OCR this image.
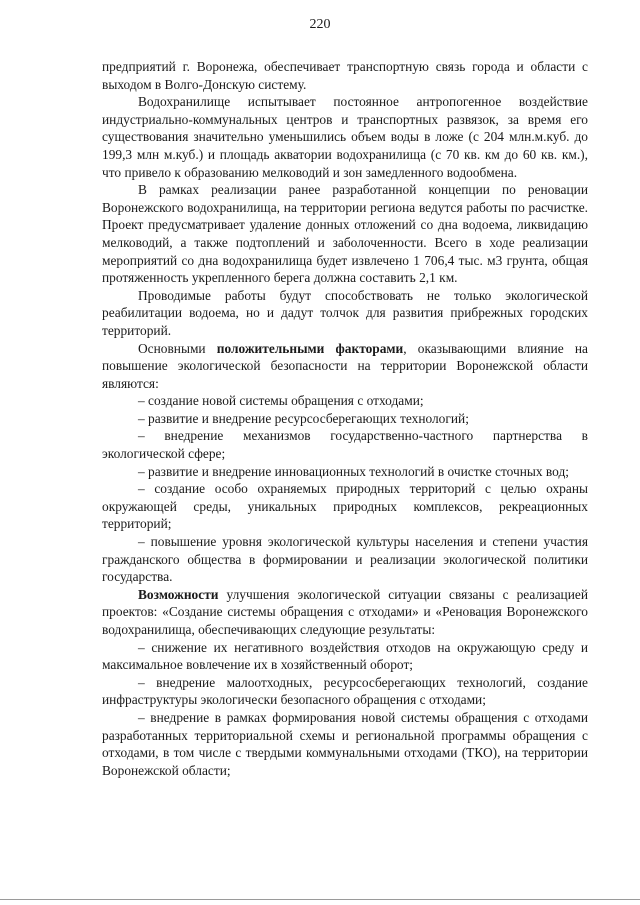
220

предприятий г. Воронежа, обеспечивает транспортную связь города и области с выходом в Волго-Донскую систему.

Водохранилище испытывает постоянное антропогенное воздействие индустриально-коммунальных центров и транспортных развязок, за время его существования значительно уменьшились объем воды в ложе (с 204 млн.м.куб. до 199,3 млн м.куб.) и площадь акватории водохранилища (с 70 кв. км до 60 кв. км.), что привело к образованию мелководий и зон замедленного водообмена.

В рамках реализации ранее разработанной концепции по реновации Воронежского водохранилища, на территории региона ведутся работы по расчистке. Проект предусматривает удаление донных отложений со дна водоема, ликвидацию мелководий, а также подтоплений и заболоченности. Всего в ходе реализации мероприятий со дна водохранилища будет извлечено 1 706,4 тыс. м3 грунта, общая протяженность укрепленного берега должна составить 2,1 км.

Проводимые работы будут способствовать не только экологической реабилитации водоема, но и дадут толчок для развития прибрежных городских территорий.

Основными положительными факторами, оказывающими влияние на повышение экологической безопасности на территории Воронежской области являются:

– создание новой системы обращения с отходами;

– развитие и внедрение ресурсосберегающих технологий;

– внедрение механизмов государственно-частного партнерства в экологической сфере;

– развитие и внедрение инновационных технологий в очистке сточных вод;

– создание особо охраняемых природных территорий с целью охраны окружающей среды, уникальных природных комплексов, рекреационных территорий;

– повышение уровня экологической культуры населения и степени участия гражданского общества в формировании и реализации экологической политики государства.

Возможности улучшения экологической ситуации связаны с реализацией проектов: «Создание системы обращения с отходами» и «Реновация Воронежского водохранилища, обеспечивающих следующие результаты:

– снижение их негативного воздействия отходов на окружающую среду и максимальное вовлечение их в хозяйственный оборот;

– внедрение малоотходных, ресурсосберегающих технологий, создание инфраструктуры экологически безопасного обращения с отходами;

– внедрение в рамках формирования новой системы обращения с отходами разработанных территориальной схемы и региональной программы обращения с отходами, в том числе с твердыми коммунальными отходами (ТКО), на территории Воронежской области;
